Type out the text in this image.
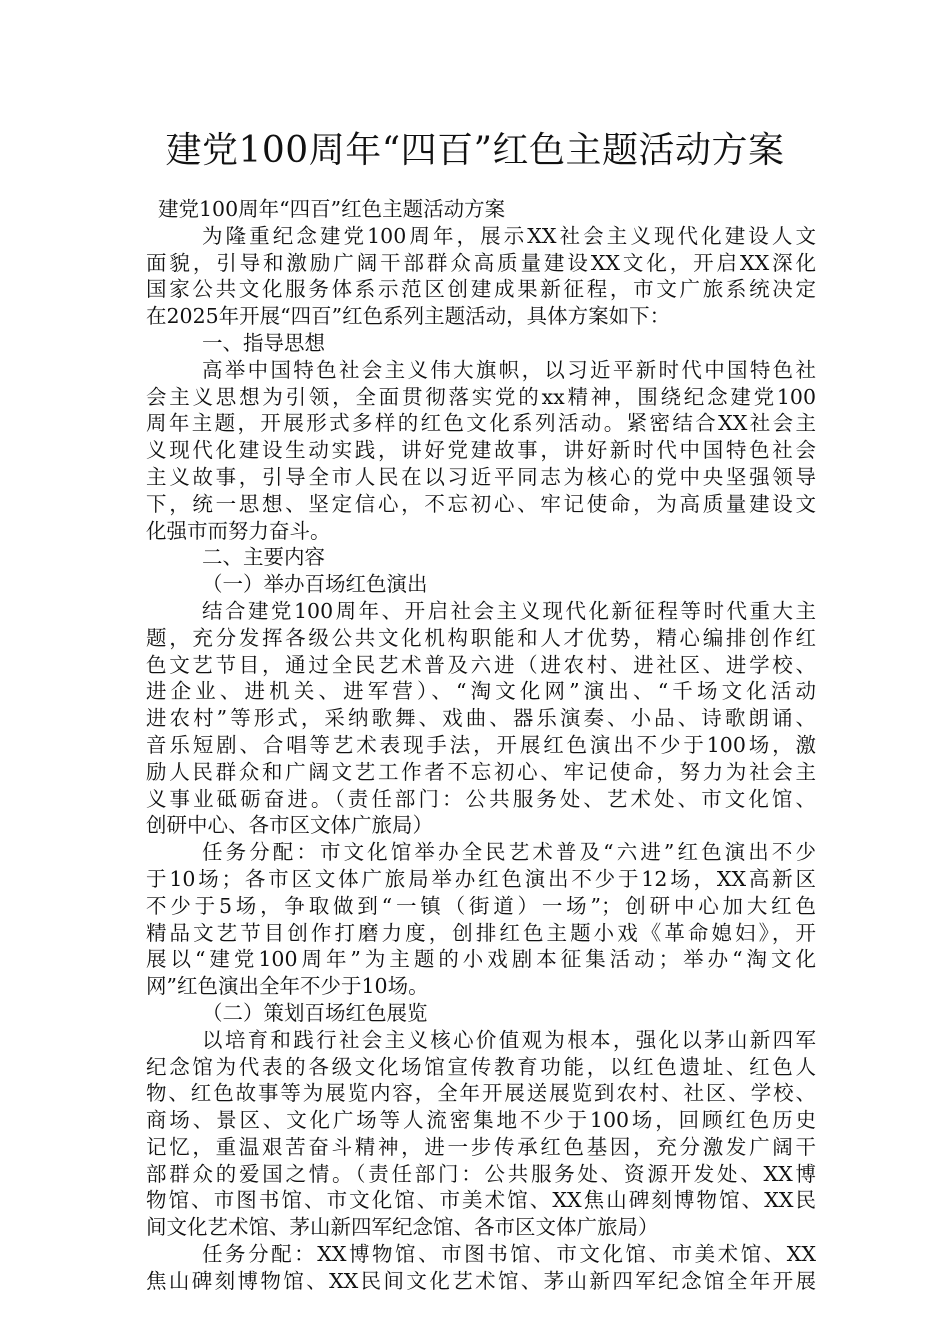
建党100周年“四百”红色主题活动方案
建党100周年“四百”红色主题活动方案
为隆重纪念建党100周年，展示XX社会主义现代化建设人文
面貌，引导和激励广阔干部群众高质量建设XX文化，开启XX深化
国家公共文化服务体系示范区创建成果新征程，市文广旅系统决定
在2025年开展“四百”红色系列主题活动，具体方案如下：
一、指导思想
高举中国特色社会主义伟大旗帜，以习近平新时代中国特色社
会主义思想为引领，全面贯彻落实党的xx精神，围绕纪念建党100
周年主题，开展形式多样的红色文化系列活动。紧密结合XX社会主
义现代化建设生动实践，讲好党建故事，讲好新时代中国特色社会
主义故事，引导全市人民在以习近平同志为核心的党中央坚强领导
下，统一思想、坚定信心，不忘初心、牢记使命，为高质量建设文
化强市而努力奋斗。
二、主要内容
（一）举办百场红色演出
结合建党100周年、开启社会主义现代化新征程等时代重大主
题，充分发挥各级公共文化机构职能和人才优势，精心编排创作红
色文艺节目，通过全民艺术普及六进（进农村、进社区、进学校、
进企业、进机关、进军营）、“淘文化网”演出、“千场文化活动
进农村”等形式，采纳歌舞、戏曲、器乐演奏、小品、诗歌朗诵、
音乐短剧、合唱等艺术表现手法，开展红色演出不少于100场，激
励人民群众和广阔文艺工作者不忘初心、牢记使命，努力为社会主
义事业砥砺奋进。（责任部门：公共服务处、艺术处、市文化馆、
创研中心、各市区文体广旅局）
任务分配：市文化馆举办全民艺术普及“六进”红色演出不少
于10场；各市区文体广旅局举办红色演出不少于12场，XX高新区
不少于5场，争取做到“一镇（街道）一场”；创研中心加大红色
精品文艺节目创作打磨力度，创排红色主题小戏《革命媳妇》，开
展以“建党100周年”为主题的小戏剧本征集活动；举办“淘文化
网”红色演出全年不少于10场。
（二）策划百场红色展览
以培育和践行社会主义核心价值观为根本，强化以茅山新四军
纪念馆为代表的各级文化场馆宣传教育功能，以红色遗址、红色人
物、红色故事等为展览内容，全年开展送展览到农村、社区、学校、
商场、景区、文化广场等人流密集地不少于100场，回顾红色历史
记忆，重温艰苦奋斗精神，进一步传承红色基因，充分激发广阔干
部群众的爱国之情。（责任部门：公共服务处、资源开发处、XX博
物馆、市图书馆、市文化馆、市美术馆、XX焦山碑刻博物馆、XX民
间文化艺术馆、茅山新四军纪念馆、各市区文体广旅局）
任务分配：XX博物馆、市图书馆、市文化馆、市美术馆、XX
焦山碑刻博物馆、XX民间文化艺术馆、茅山新四军纪念馆全年开展
